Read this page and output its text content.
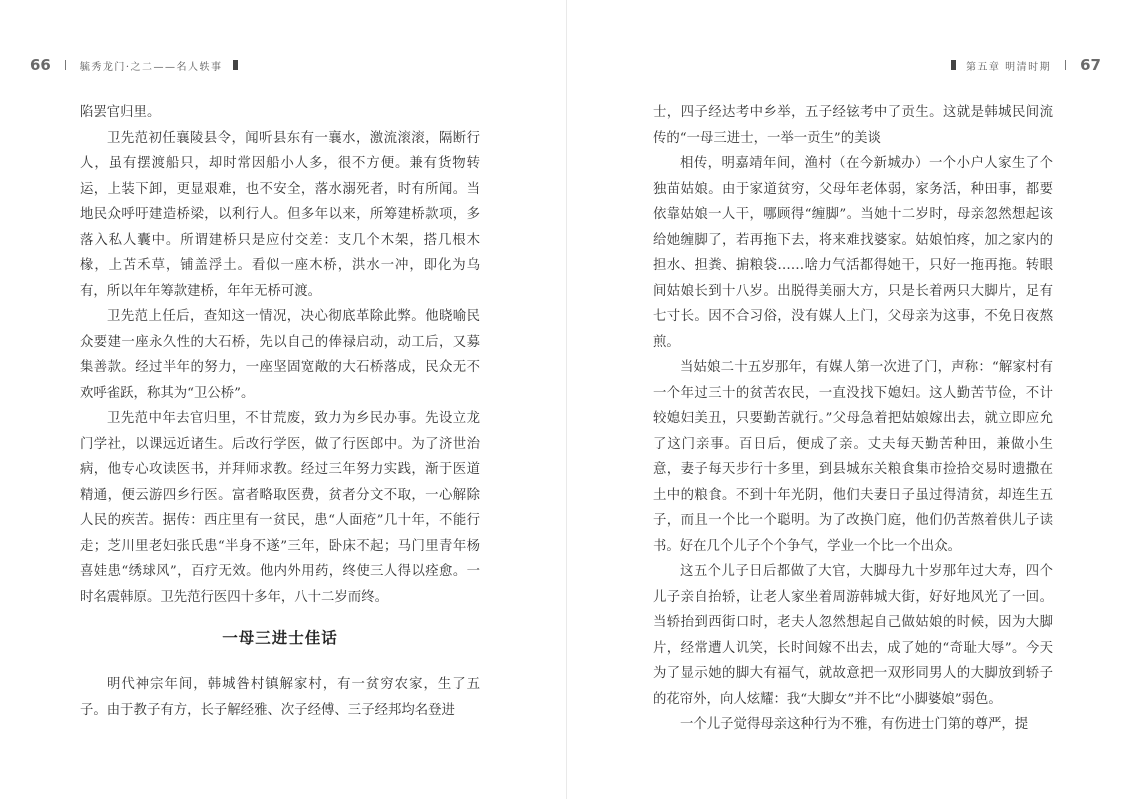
66	毓秀龙门·之二——名人轶事

陷罢官归里。

卫先范初任襄陵县令，闻听县东有一襄水，激流滚滚，隔断行人，虽有摆渡船只，却时常因船小人多，很不方便。兼有货物转运，上装下卸，更显艰难，也不安全，落水溺死者，时有所闻。当地民众呼吁建造桥梁，以利行人。但多年以来，所筹建桥款项，多落入私人囊中。所谓建桥只是应付交差：支几个木架，搭几根木椽，上苫禾草，铺盖浮土。看似一座木桥，洪水一冲，即化为乌有，所以年年筹款建桥，年年无桥可渡。

卫先范上任后，查知这一情况，决心彻底革除此弊。他晓喻民众要建一座永久性的大石桥，先以自己的俸禄启动，动工后，又募集善款。经过半年的努力，一座坚固宽敞的大石桥落成，民众无不欢呼雀跃，称其为“卫公桥”。

卫先范中年去官归里，不甘荒废，致力为乡民办事。先设立龙门学社，以课远近诸生。后改行学医，做了行医郎中。为了济世治病，他专心攻读医书，并拜师求教。经过三年努力实践，渐于医道精通，便云游四乡行医。富者略取医费，贫者分文不取，一心解除人民的疾苦。据传：西庄里有一贫民，患“人面疮”几十年，不能行走；芝川里老妇张氏患“半身不遂”三年，卧床不起；马门里青年杨喜娃患“绣球风”，百疗无效。他内外用药，终使三人得以痊愈。一时名震韩原。卫先范行医四十多年，八十二岁而终。

一母三进士佳话

明代神宗年间，韩城昝村镇解家村，有一贫穷农家，生了五子。由于教子有方，长子解经雅、次子经傅、三子经邦均名登进

第五章 明清时期 67

士，四子经达考中乡举，五子经铉考中了贡生。这就是韩城民间流传的“一母三进士，一举一贡生”的美谈

相传，明嘉靖年间，渔村（在今新城办）一个小户人家生了个独苗姑娘。由于家道贫穷，父母年老体弱，家务活，种田事，都要依靠姑娘一人干，哪顾得“缠脚”。当她十二岁时，母亲忽然想起该给她缠脚了，若再拖下去，将来难找婆家。姑娘怕疼，加之家内的担水、担粪、掮粮袋……啥力气活都得她干，只好一拖再拖。转眼间姑娘长到十八岁。出脱得美丽大方，只是长着两只大脚片，足有七寸长。因不合习俗，没有媒人上门，父母亲为这事，不免日夜熬煎。

当姑娘二十五岁那年，有媒人第一次进了门，声称：“解家村有一个年过三十的贫苦农民，一直没找下媳妇。这人勤苦节俭，不计较媳妇美丑，只要勤苦就行。”父母急着把姑娘嫁出去，就立即应允了这门亲事。百日后，便成了亲。丈夫每天勤苦种田，兼做小生意，妻子每天步行十多里，到县城东关粮食集市捡拾交易时遗撒在土中的粮食。不到十年光阴，他们夫妻日子虽过得清贫，却连生五子，而且一个比一个聪明。为了改换门庭，他们仍苦熬着供儿子读书。好在几个儿子个个争气，学业一个比一个出众。

这五个儿子日后都做了大官，大脚母九十岁那年过大寿，四个儿子亲自抬轿，让老人家坐着周游韩城大街，好好地风光了一回。当轿抬到西街口时，老夫人忽然想起自己做姑娘的时候，因为大脚片，经常遭人讥笑，长时间嫁不出去，成了她的“奇耻大辱”。今天为了显示她的脚大有福气，就故意把一双形同男人的大脚放到轿子的花帘外，向人炫耀：我“大脚女”并不比“小脚婆娘”弱色。

一个儿子觉得母亲这种行为不雅，有伤进士门第的尊严，提
